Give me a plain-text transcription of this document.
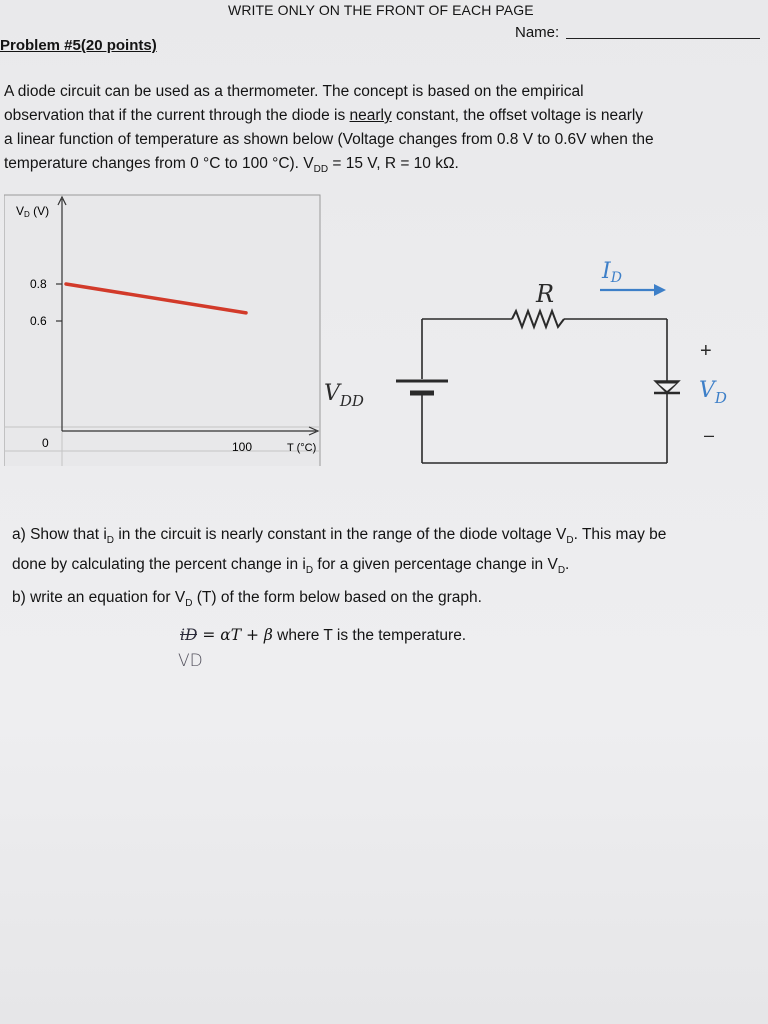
WRITE ONLY ON THE FRONT OF EACH PAGE
Name:
Problem #5(20 points)
A diode circuit can be used as a thermometer. The concept is based on the empirical
observation that if the current through the diode is nearly constant, the offset voltage is nearly
a linear function of temperature as shown below (Voltage changes from 0.8 V to 0.6V when the
temperature changes from 0 °C to 100 °C). $V_{DD} = 15$ V, R = 10 kΩ.
VD (V)
0.8
0.6
0	100	T (°C)
R
ID
$V_{DD}$	$V_D$
+
–
a) Show that $i_D$ in the circuit is nearly constant in the range of the diode voltage $V_D$. This may be
done by calculating the percent change in $i_D$ for a given percentage change in $V_D$.
b) write an equation for $V_D$ (T) of the form below based on the graph.
iD = αT + β where T is the temperature.
VD
